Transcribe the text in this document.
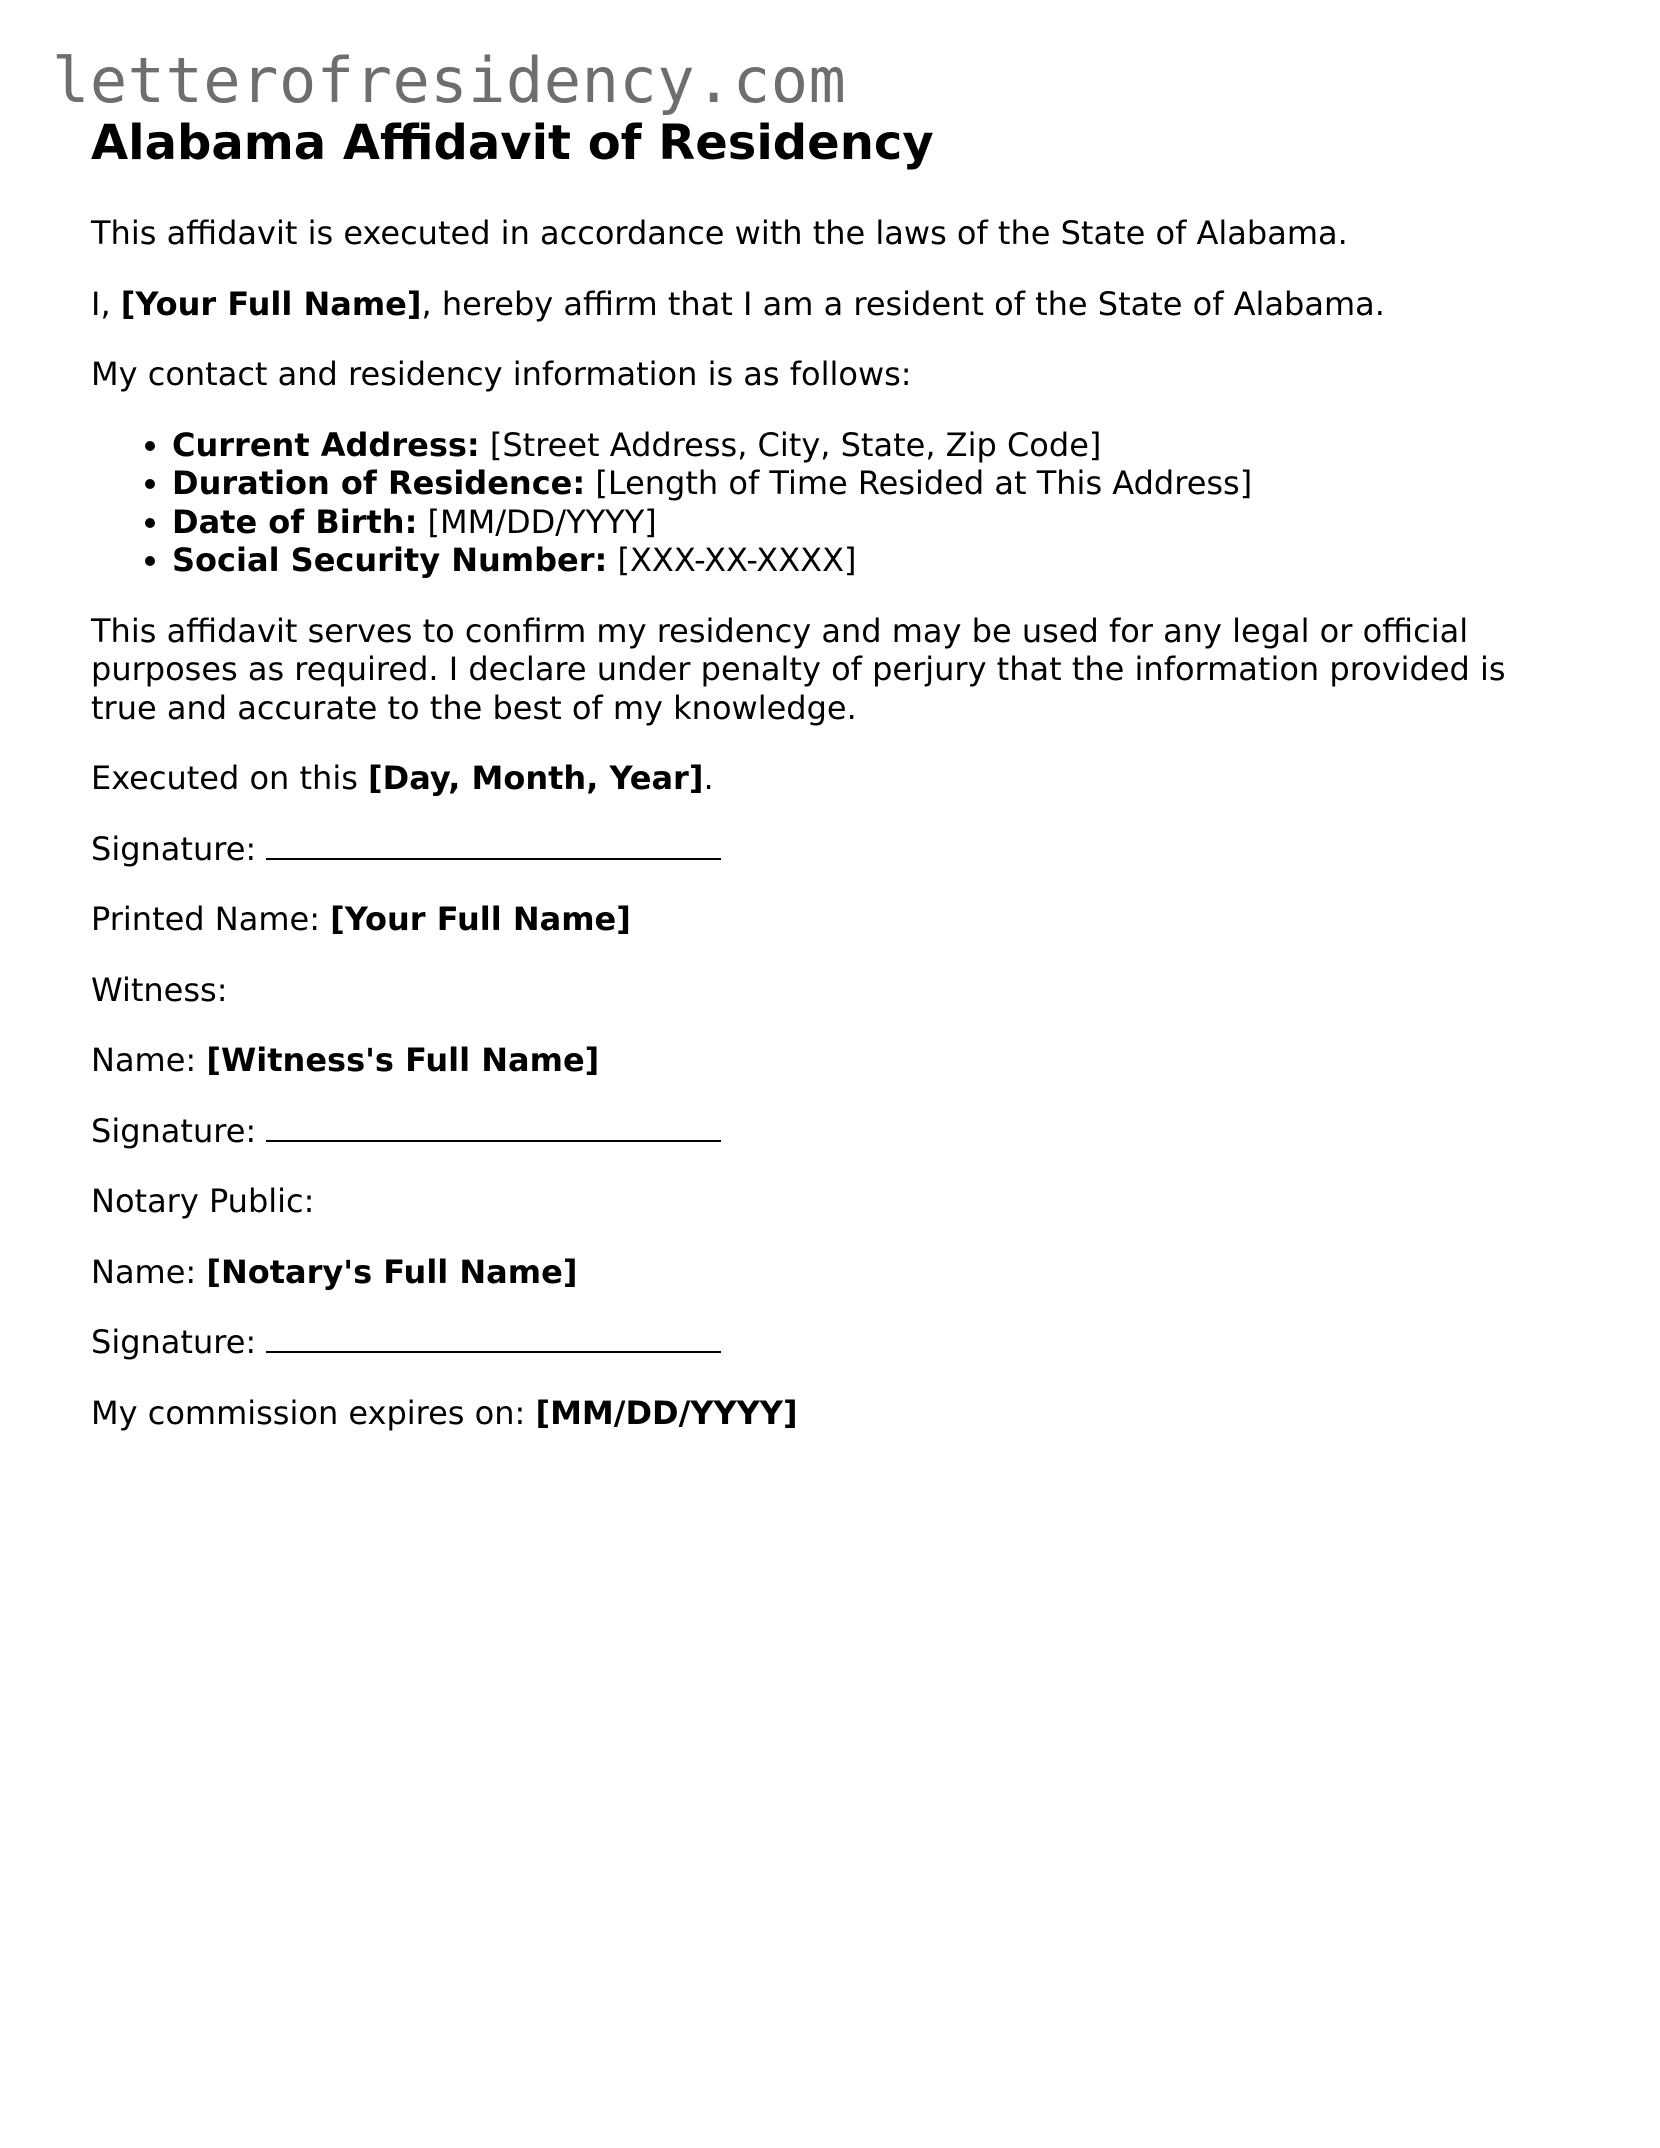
letterofresidency.com
Alabama Affidavit of Residency

This affidavit is executed in accordance with the laws of the State of Alabama.

I, [Your Full Name], hereby affirm that I am a resident of the State of Alabama.

My contact and residency information is as follows:

• Current Address: [Street Address, City, State, Zip Code]
• Duration of Residence: [Length of Time Resided at This Address]
• Date of Birth: [MM/DD/YYYY]
• Social Security Number: [XXX-XX-XXXX]

This affidavit serves to confirm my residency and may be used for any legal or official purposes as required. I declare under penalty of perjury that the information provided is true and accurate to the best of my knowledge.

Executed on this [Day, Month, Year].

Signature:

Printed Name: [Your Full Name]

Witness:

Name: [Witness's Full Name]

Signature:

Notary Public:

Name: [Notary's Full Name]

Signature:

My commission expires on: [MM/DD/YYYY]
